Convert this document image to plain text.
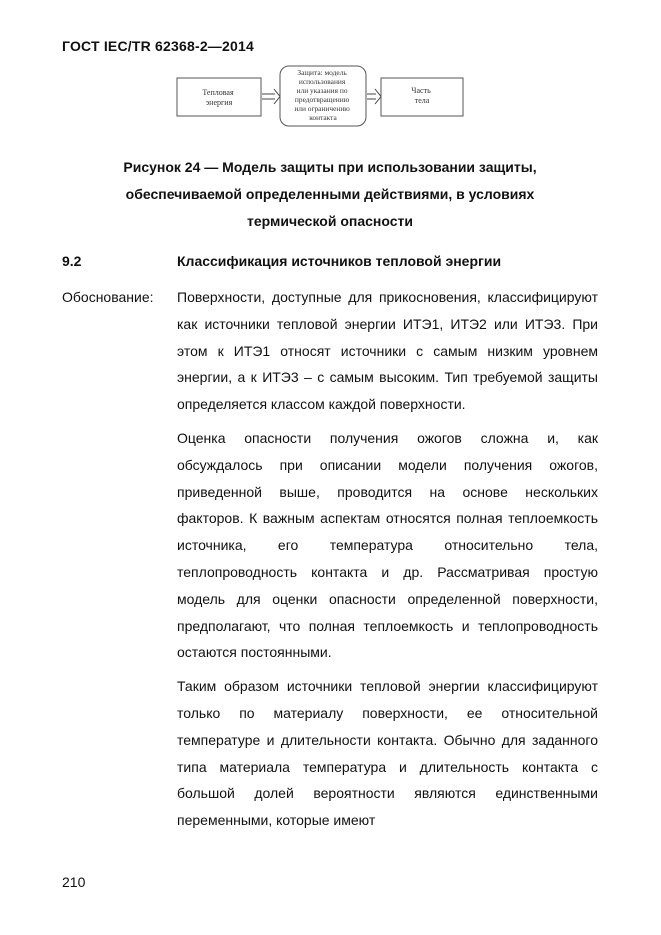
ГОСТ IEC/TR 62368-2—2014
Тепловая энергия
Защита: модель использования или указания по предотвращению или ограничению контакта
Часть тела
Рисунок 24 — Модель защиты при использовании защиты,
обеспечиваемой определенными действиями, в условиях
термической опасности
9.2	Классификация источников тепловой энергии
Обоснование: Поверхности, доступные для прикосновения, классифицируют как источники тепловой энергии ИТЭ1, ИТЭ2 или ИТЭ3. При этом к ИТЭ1 относят источники с самым низким уровнем энергии, а к ИТЭ3 – с самым высоким. Тип требуемой защиты определяется классом каждой поверхности.

Оценка опасности получения ожогов сложна и, как обсуждалось при описании модели получения ожогов, приведенной выше, проводится на основе нескольких факторов. К важным аспектам относятся полная теплоемкость источника, его температура относительно тела, теплопроводность контакта и др. Рассматривая простую модель для оценки опасности определенной поверхности, предполагают, что полная теплоемкость и теплопроводность остаются постоянными.

Таким образом источники тепловой энергии классифицируют только по материалу поверхности, ее относительной температуре и длительности контакта. Обычно для заданного типа материала температура и длительность контакта с большой долей вероятности являются единственными переменными, которые имеют

210
